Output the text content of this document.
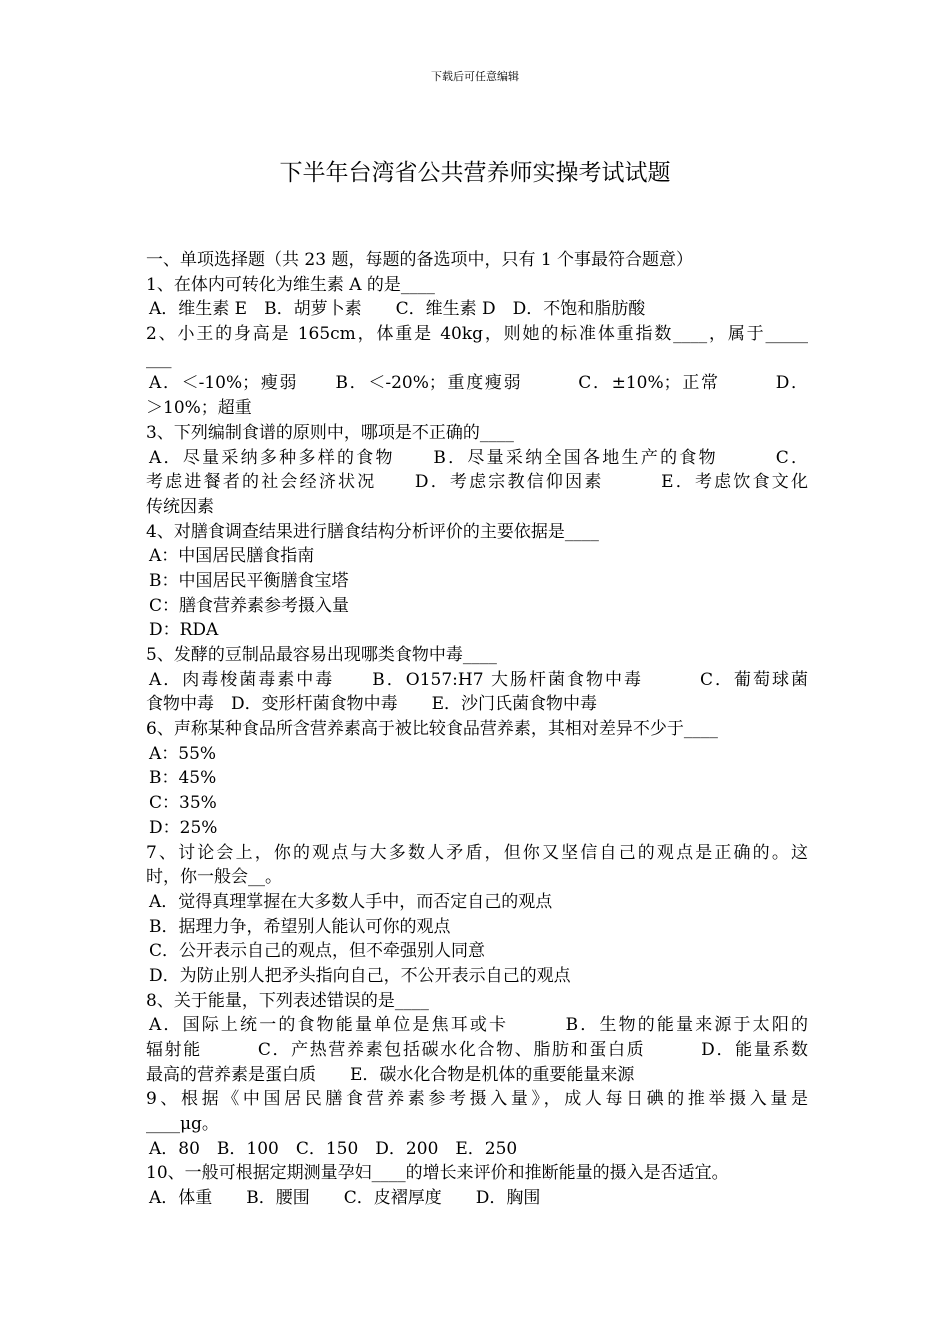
下载后可任意编辑
下半年台湾省公共营养师实操考试试题
一、单项选择题（共 23 题，每题的备选项中，只有 1 个事最符合题意）
1、在体内可转化为维生素 A 的是____
A．维生素 E　B．胡萝卜素　　C．维生素 D　D．不饱和脂肪酸
2、小王的身高是 165cm，体重是 40kg，则她的标准体重指数____，属于_____
___
A．＜-10%；瘦弱　　B．＜-20%；重度瘦弱　　　C．±10%；正常　　　D．
＞10%；超重
3、下列编制食谱的原则中，哪项是不正确的____
A．尽量采纳多种多样的食物　　B．尽量采纳全国各地生产的食物　　　C．
考虑进餐者的社会经济状况　　D．考虑宗教信仰因素　　　E．考虑饮食文化
传统因素
4、对膳食调查结果进行膳食结构分析评价的主要依据是____
A：中国居民膳食指南
B：中国居民平衡膳食宝塔
C：膳食营养素参考摄入量
D：RDA
5、发酵的豆制品最容易出现哪类食物中毒____
A．肉毒梭菌毒素中毒　　B．O157:H7 大肠杆菌食物中毒　　　C．葡萄球菌
食物中毒　D．变形杆菌食物中毒　　E．沙门氏菌食物中毒
6、声称某种食品所含营养素高于被比较食品营养素，其相对差异不少于____
A：55%
B：45%
C：35%
D：25%
7、讨论会上，你的观点与大多数人矛盾，但你又坚信自己的观点是正确的。这
时，你一般会__。
A．觉得真理掌握在大多数人手中，而否定自己的观点
B．据理力争，希望别人能认可你的观点
C．公开表示自己的观点，但不牵强别人同意
D．为防止别人把矛头指向自己，不公开表示自己的观点
8、关于能量，下列表述错误的是____
A．国际上统一的食物能量单位是焦耳或卡　　　B．生物的能量来源于太阳的
辐射能　　　C．产热营养素包括碳水化合物、脂肪和蛋白质　　　D．能量系数
最高的营养素是蛋白质　　E．碳水化合物是机体的重要能量来源
9、根据《中国居民膳食营养素参考摄入量》，成人每日碘的推举摄入量是
____μg。
A．80　B．100　C．150　D．200　E．250
10、一般可根据定期测量孕妇____的增长来评价和推断能量的摄入是否适宜。
A．体重　　B．腰围　　C．皮褶厚度　　D．胸围
